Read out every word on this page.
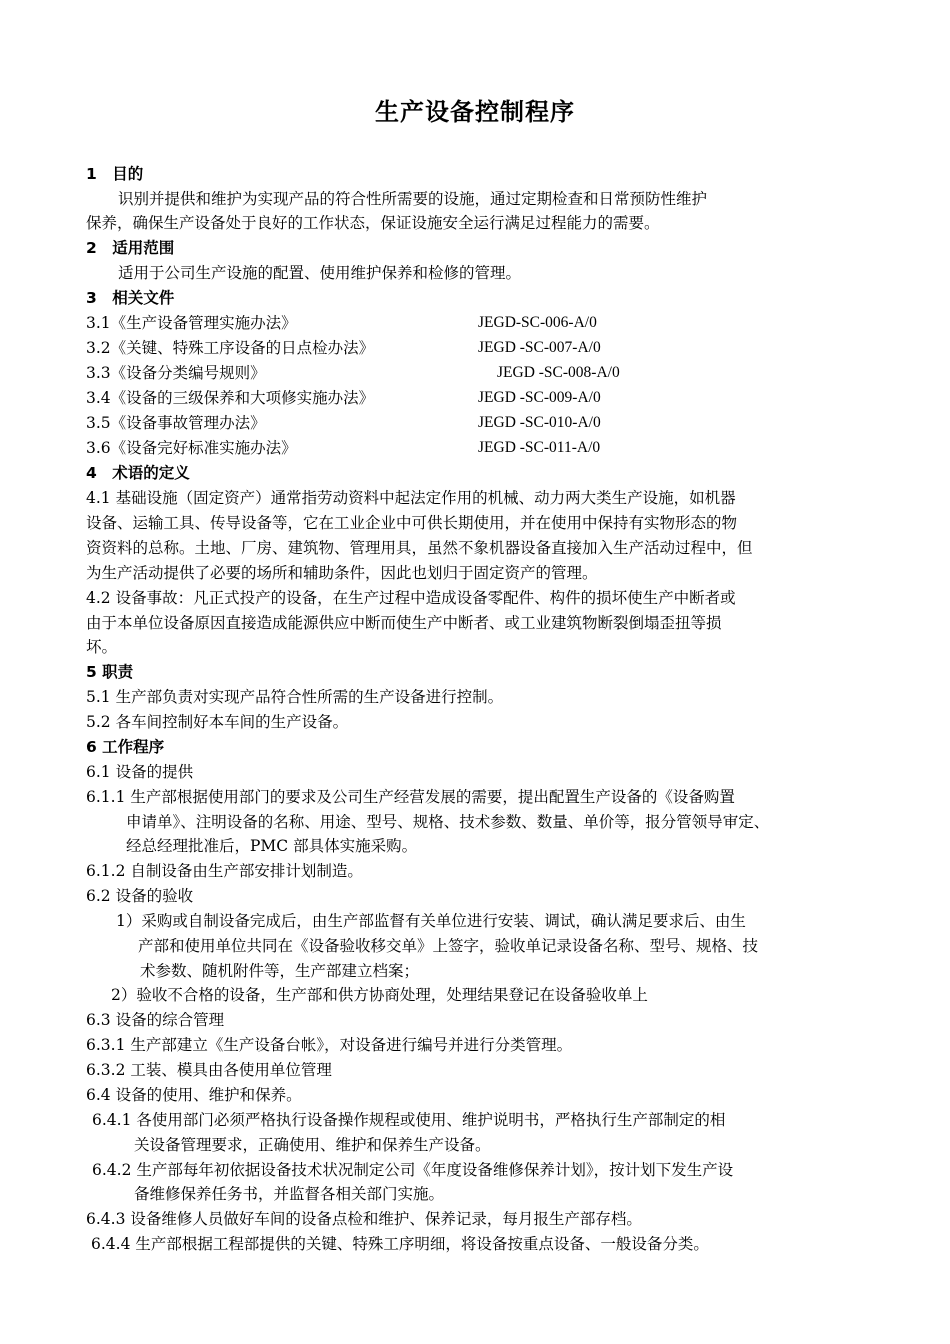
生产设备控制程序
1　目的
识别并提供和维护为实现产品的符合性所需要的设施，通过定期检查和日常预防性维护
保养，确保生产设备处于良好的工作状态，保证设施安全运行满足过程能力的需要。
2　适用范围
适用于公司生产设施的配置、使用维护保养和检修的管理。
3　相关文件
3.1《生产设备管理实施办法》	JEGD-SC-006-A/0
3.2《关键、特殊工序设备的日点检办法》	JEGD -SC-007-A/0
3.3《设备分类编号规则》	JEGD -SC-008-A/0
3.4《设备的三级保养和大项修实施办法》	JEGD -SC-009-A/0
3.5《设备事故管理办法》	JEGD -SC-010-A/0
3.6《设备完好标准实施办法》	JEGD -SC-011-A/0
4　术语的定义
4.1 基础设施（固定资产）通常指劳动资料中起法定作用的机械、动力两大类生产设施，如机器
设备、运输工具、传导设备等，它在工业企业中可供长期使用，并在使用中保持有实物形态的物
资资料的总称。土地、厂房、建筑物、管理用具，虽然不象机器设备直接加入生产活动过程中，但
为生产活动提供了必要的场所和辅助条件，因此也划归于固定资产的管理。
4.2 设备事故：凡正式投产的设备，在生产过程中造成设备零配件、构件的损坏使生产中断者或
由于本单位设备原因直接造成能源供应中断而使生产中断者、或工业建筑物断裂倒塌歪扭等损
坏。
5 职责
5.1 生产部负责对实现产品符合性所需的生产设备进行控制。
5.2 各车间控制好本车间的生产设备。
6 工作程序
6.1 设备的提供
6.1.1 生产部根据使用部门的要求及公司生产经营发展的需要，提出配置生产设备的《设备购置
申请单》、注明设备的名称、用途、型号、规格、技术参数、数量、单价等，报分管领导审定、
经总经理批准后，PMC 部具体实施采购。
6.1.2 自制设备由生产部安排计划制造。
6.2 设备的验收
1）采购或自制设备完成后，由生产部监督有关单位进行安装、调试，确认满足要求后、由生
产部和使用单位共同在《设备验收移交单》上签字，验收单记录设备名称、型号、规格、技
术参数、随机附件等，生产部建立档案；
2）验收不合格的设备，生产部和供方协商处理，处理结果登记在设备验收单上
6.3 设备的综合管理
6.3.1 生产部建立《生产设备台帐》，对设备进行编号并进行分类管理。
6.3.2 工装、模具由各使用单位管理
6.4 设备的使用、维护和保养。
6.4.1 各使用部门必须严格执行设备操作规程或使用、维护说明书，严格执行生产部制定的相
关设备管理要求，正确使用、维护和保养生产设备。
6.4.2 生产部每年初依据设备技术状况制定公司《年度设备维修保养计划》，按计划下发生产设
备维修保养任务书，并监督各相关部门实施。
6.4.3 设备维修人员做好车间的设备点检和维护、保养记录，每月报生产部存档。
6.4.4 生产部根据工程部提供的关键、特殊工序明细，将设备按重点设备、一般设备分类。
